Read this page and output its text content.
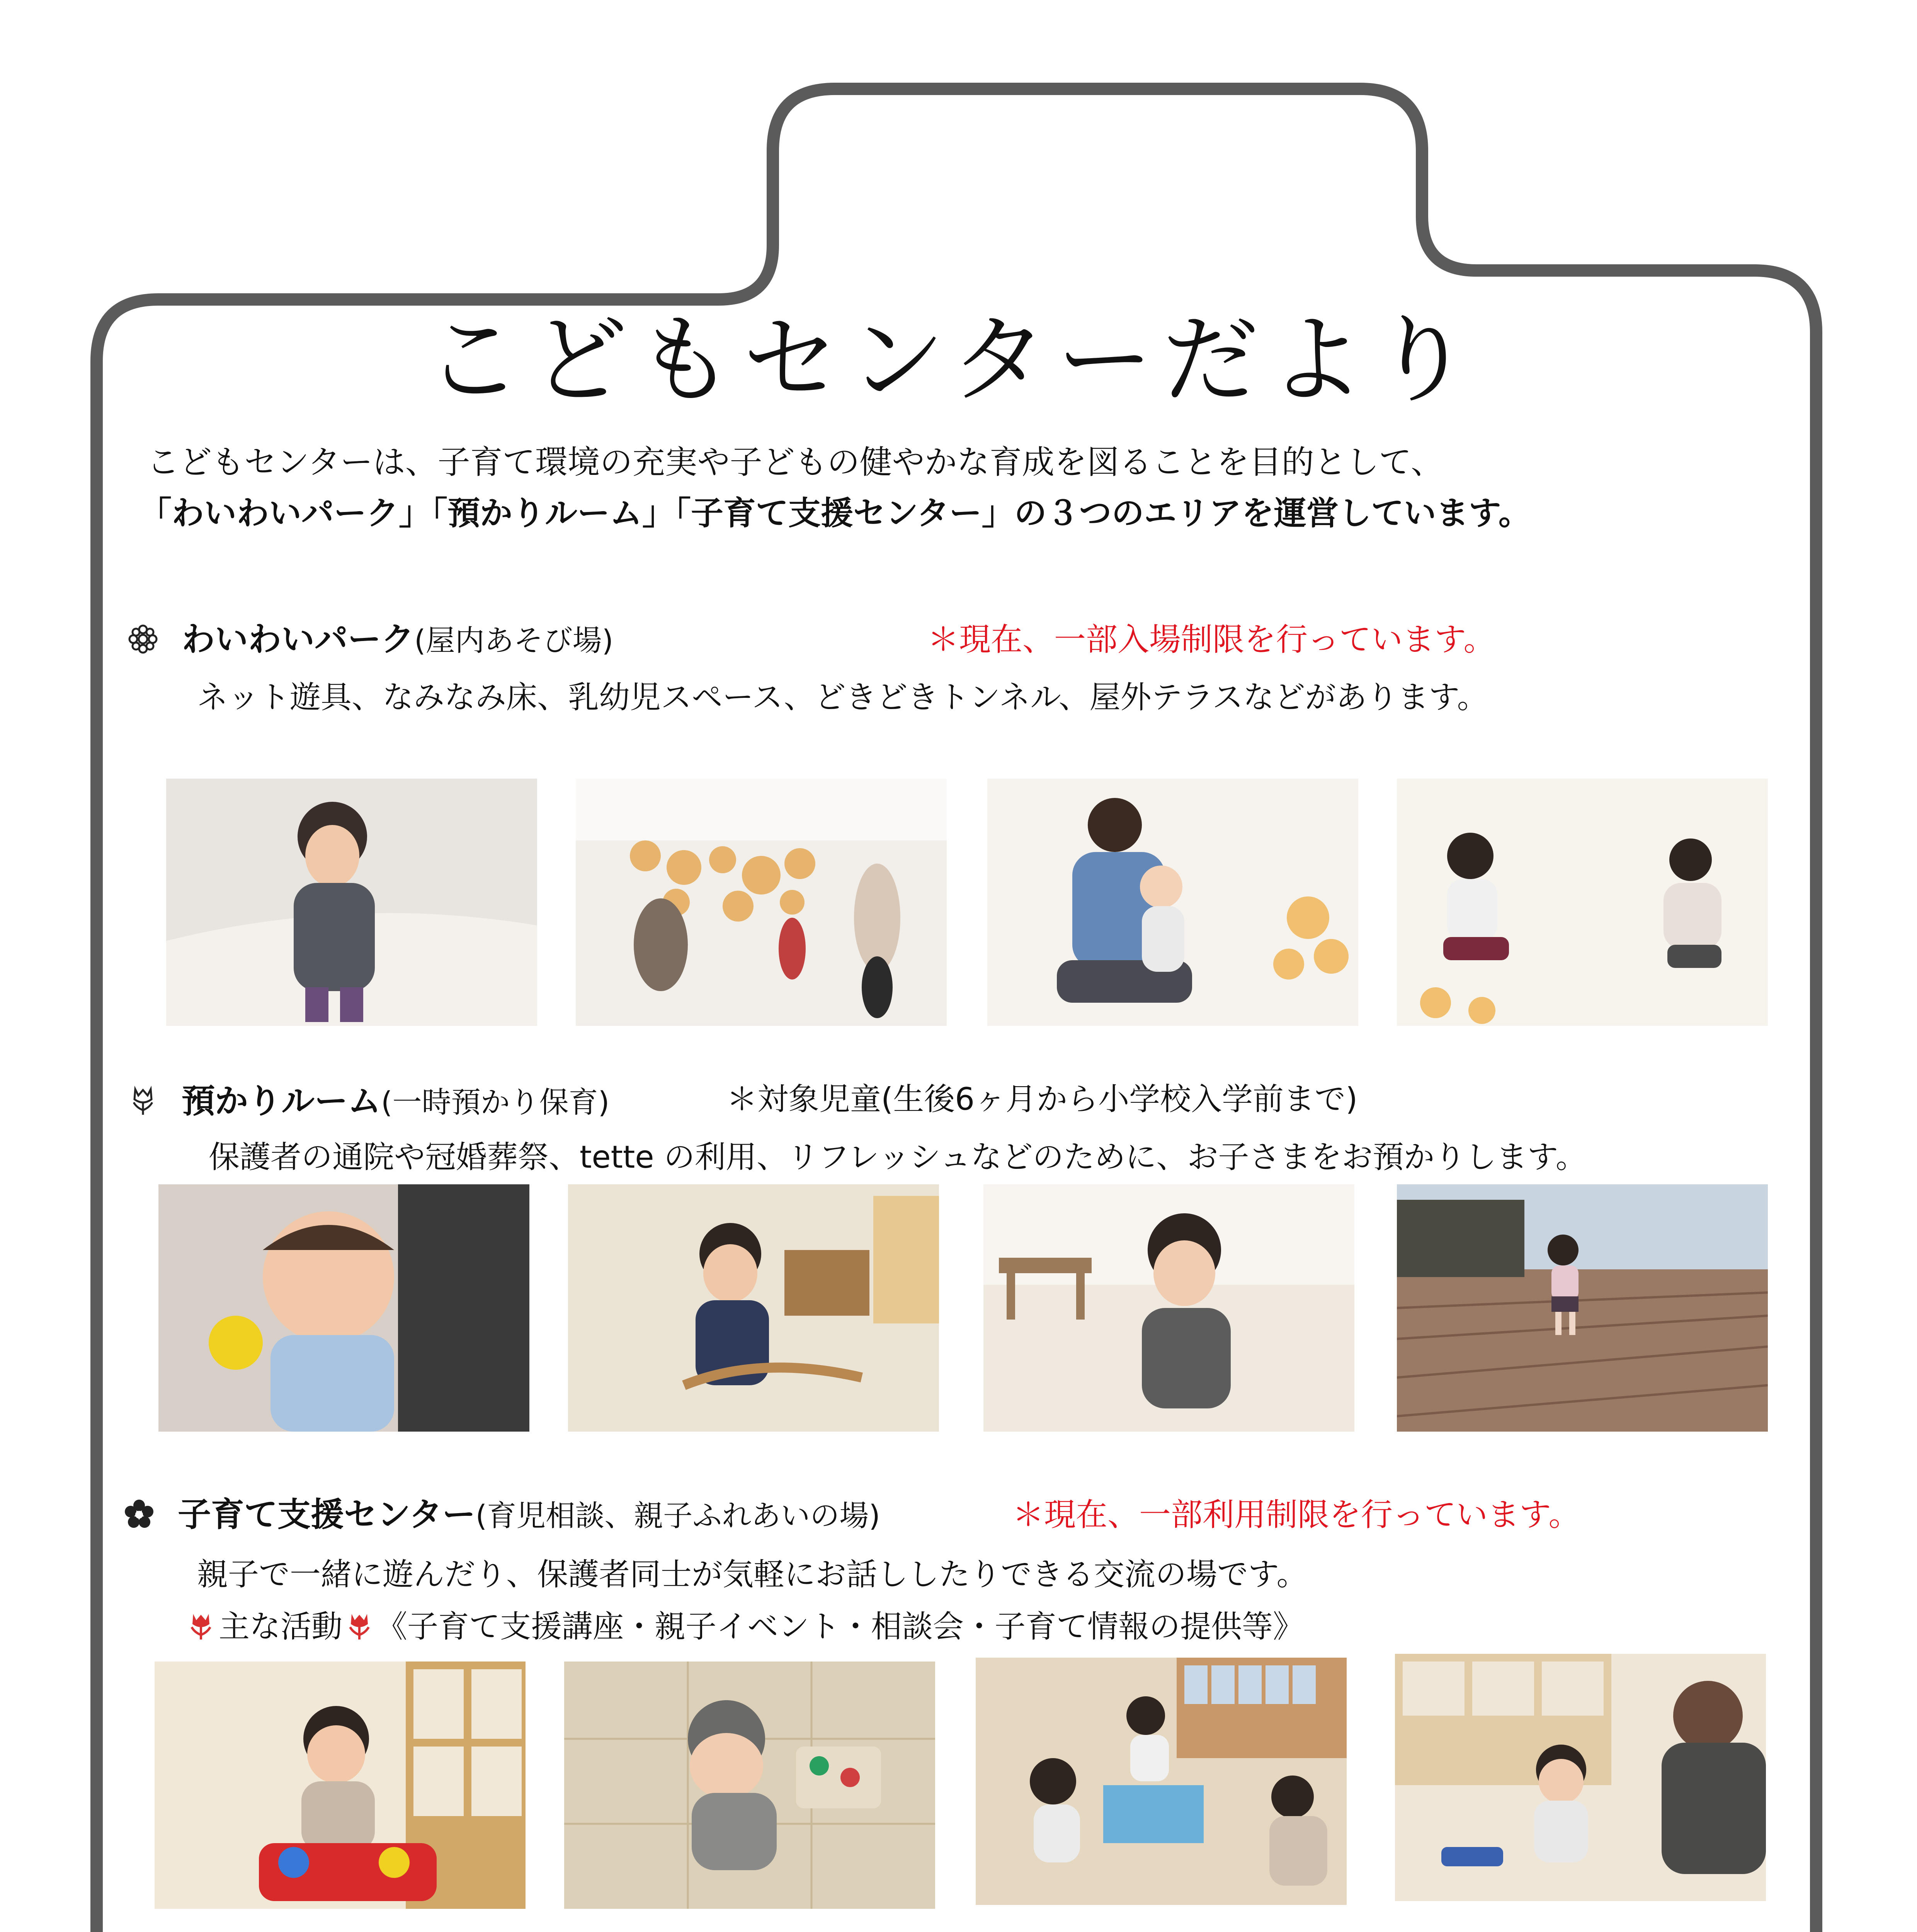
こどもセンターだより
こどもセンターは、子育て環境の充実や子どもの健やかな育成を図ることを目的として、
「わいわいパーク」「預かりルーム」「子育て支援センター」の３つのエリアを運営しています。
わいわいパーク(屋内あそび場)	＊現在、一部入場制限を行っています。
ネット遊具、なみなみ床、乳幼児スペース、どきどきトンネル、屋外テラスなどがあります。
預かりルーム(一時預かり保育)	＊対象児童(生後6ヶ月から小学校入学前まで)
保護者の通院や冠婚葬祭、tette の利用、リフレッシュなどのために、お子さまをお預かりします。
子育て支援センター(育児相談、親子ふれあいの場)	＊現在、一部利用制限を行っています。
親子で一緒に遊んだり、保護者同士が気軽にお話ししたりできる交流の場です。
主な活動 《子育て支援講座・親子イベント・相談会・子育て情報の提供等》
